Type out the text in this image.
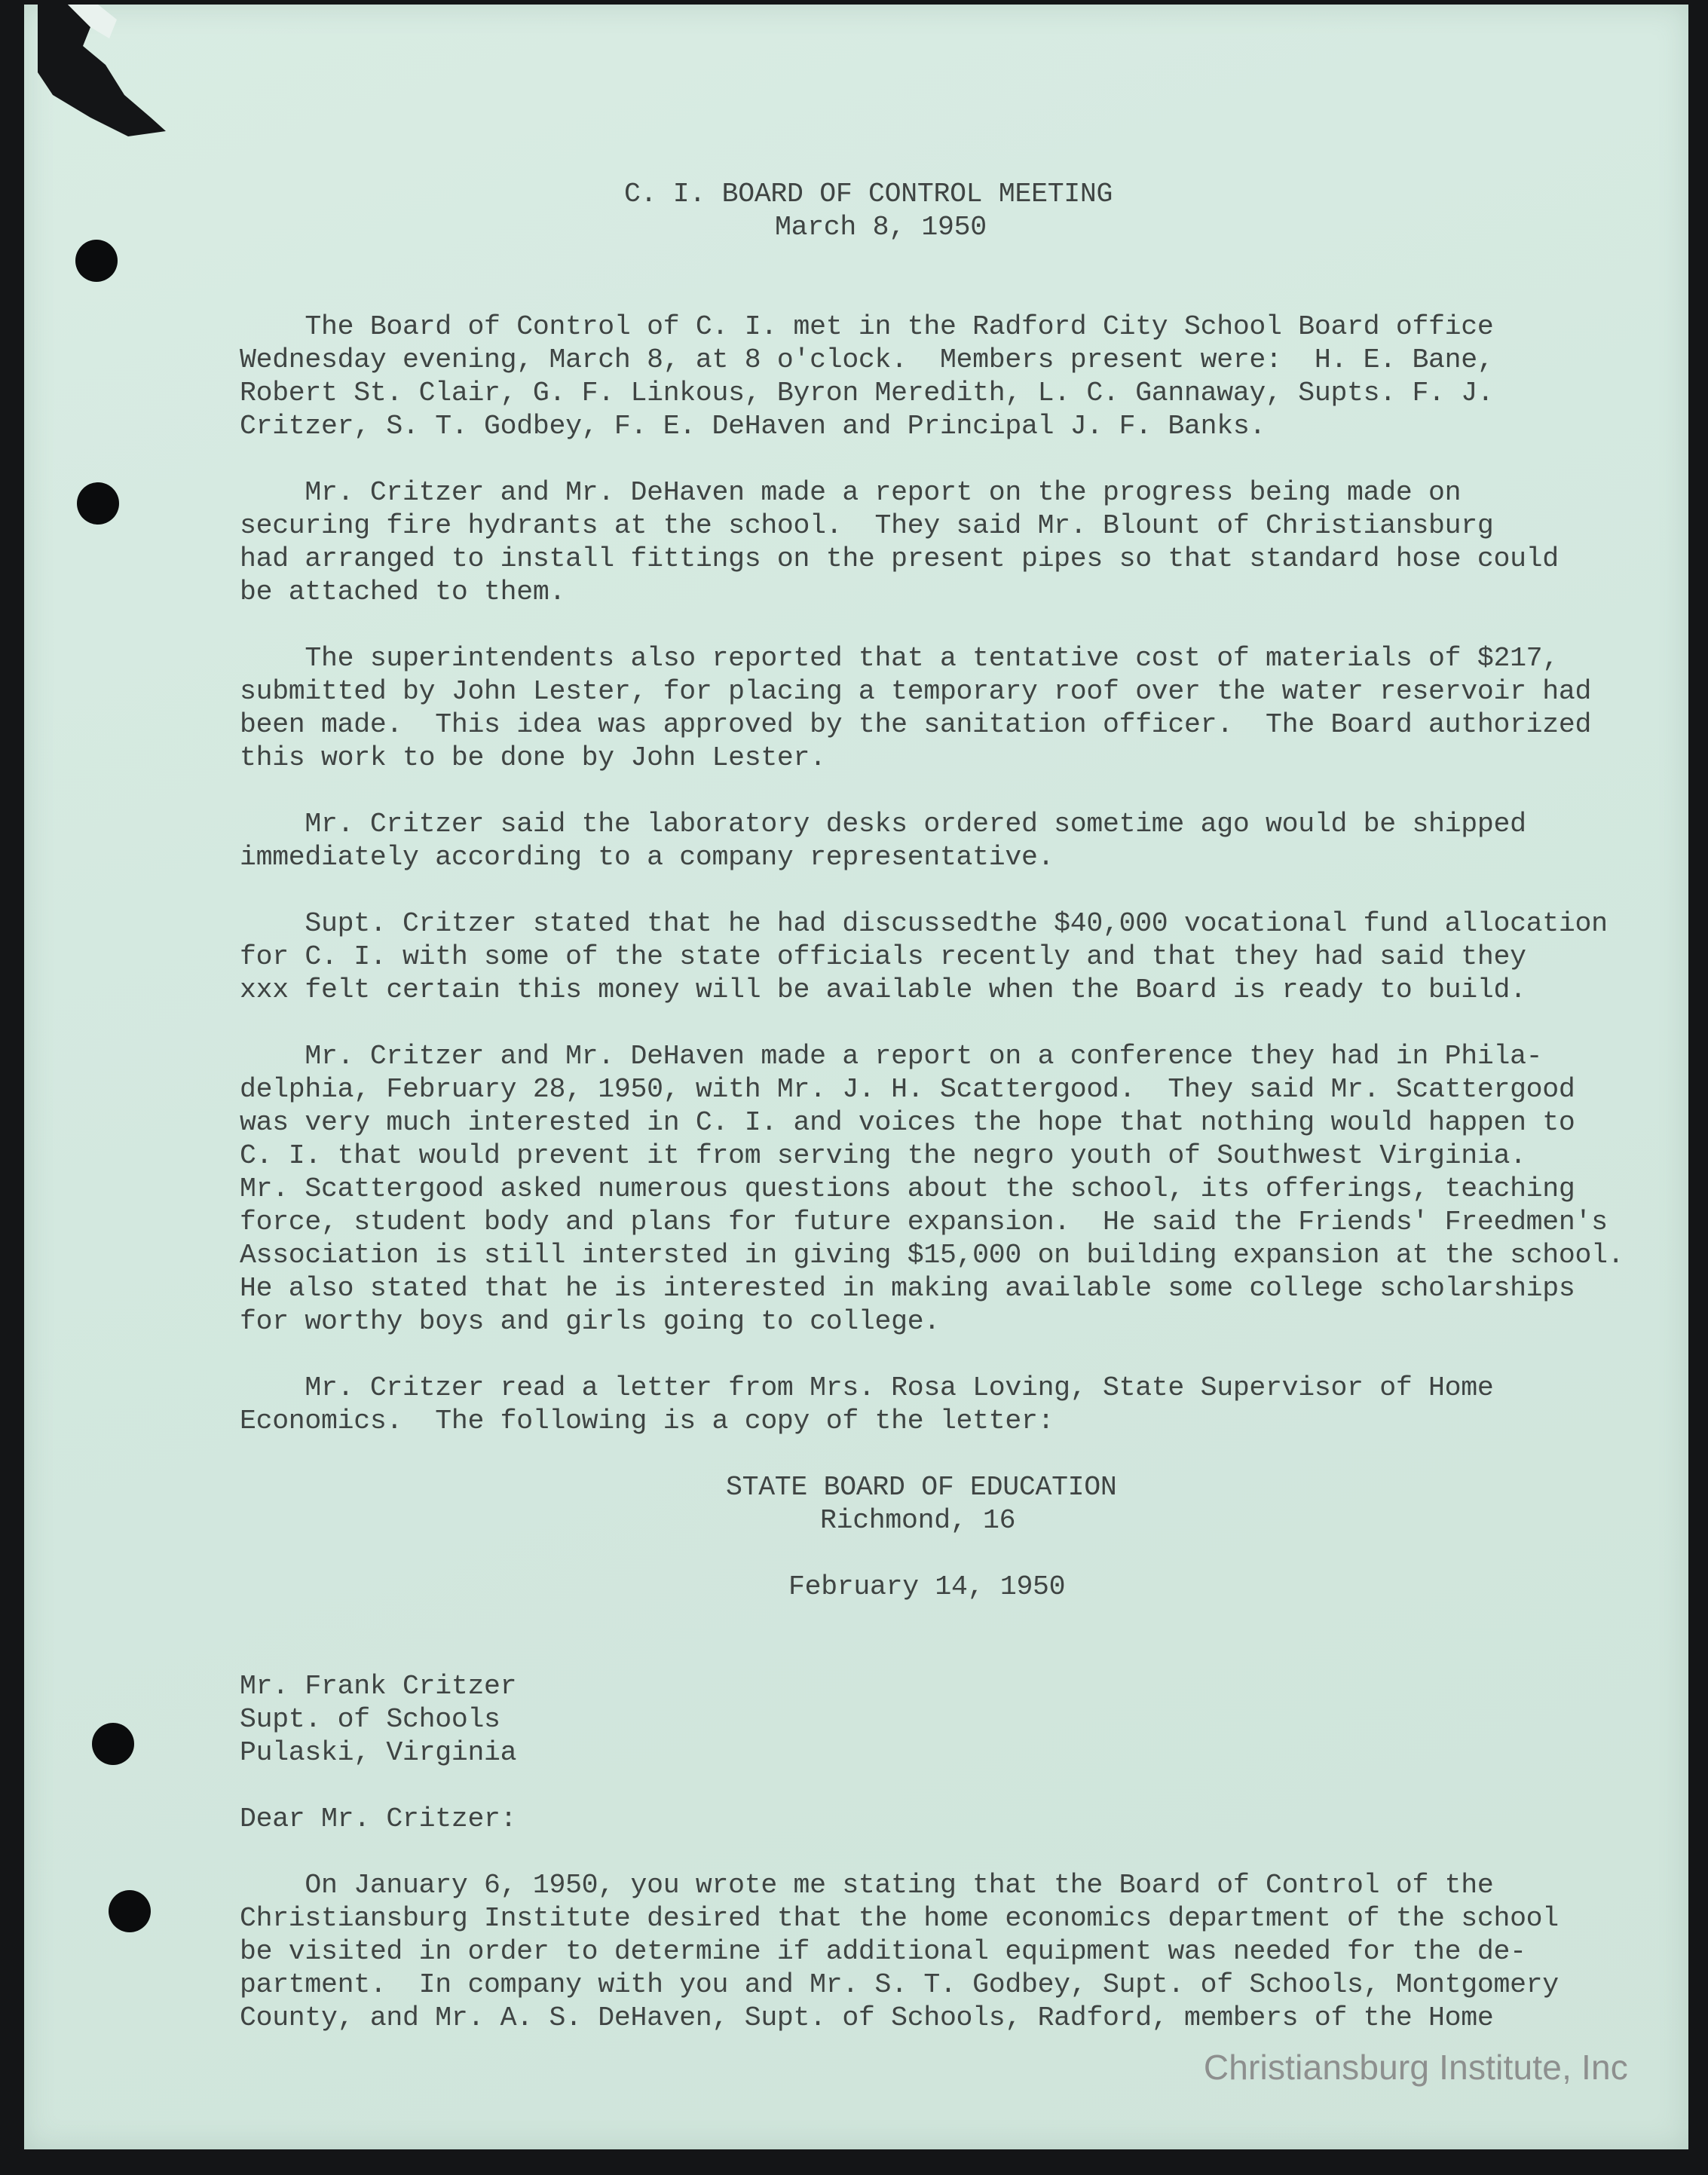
C. I. BOARD OF CONTROL MEETING
March 8, 1950
The Board of Control of C. I. met in the Radford City School Board office
Wednesday evening, March 8, at 8 o'clock.  Members present were:  H. E. Bane,
Robert St. Clair, G. F. Linkous, Byron Meredith, L. C. Gannaway, Supts. F. J.
Critzer, S. T. Godbey, F. E. DeHaven and Principal J. F. Banks.
Mr. Critzer and Mr. DeHaven made a report on the progress being made on
securing fire hydrants at the school.  They said Mr. Blount of Christiansburg
had arranged to install fittings on the present pipes so that standard hose could
be attached to them.
The superintendents also reported that a tentative cost of materials of $217,
submitted by John Lester, for placing a temporary roof over the water reservoir had
been made.  This idea was approved by the sanitation officer.  The Board authorized
this work to be done by John Lester.
Mr. Critzer said the laboratory desks ordered sometime ago would be shipped
immediately according to a company representative.
Supt. Critzer stated that he had discussedthe $40,000 vocational fund allocation
for C. I. with some of the state officials recently and that they had said they
xxx felt certain this money will be available when the Board is ready to build.
Mr. Critzer and Mr. DeHaven made a report on a conference they had in Phila-
delphia, February 28, 1950, with Mr. J. H. Scattergood.  They said Mr. Scattergood
was very much interested in C. I. and voices the hope that nothing would happen to
C. I. that would prevent it from serving the negro youth of Southwest Virginia.
Mr. Scattergood asked numerous questions about the school, its offerings, teaching
force, student body and plans for future expansion.  He said the Friends' Freedmen's
Association is still intersted in giving $15,000 on building expansion at the school.
He also stated that he is interested in making available some college scholarships
for worthy boys and girls going to college.
Mr. Critzer read a letter from Mrs. Rosa Loving, State Supervisor of Home
Economics.  The following is a copy of the letter:
STATE BOARD OF EDUCATION
Richmond, 16
February 14, 1950
Mr. Frank Critzer
Supt. of Schools
Pulaski, Virginia
Dear Mr. Critzer:
On January 6, 1950, you wrote me stating that the Board of Control of the
Christiansburg Institute desired that the home economics department of the school
be visited in order to determine if additional equipment was needed for the de-
partment.  In company with you and Mr. S. T. Godbey, Supt. of Schools, Montgomery
County, and Mr. A. S. DeHaven, Supt. of Schools, Radford, members of the Home
Christiansburg Institute, Inc
